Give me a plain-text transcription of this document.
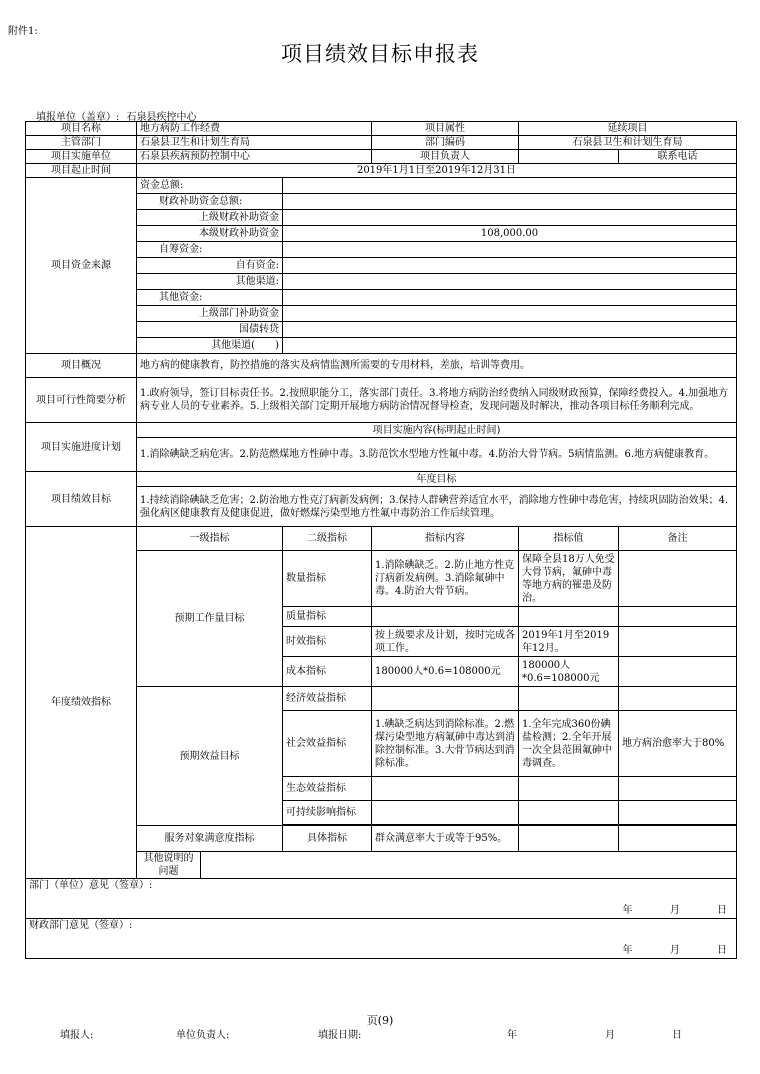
附件1:
项目绩效目标申报表
填报单位（盖章）: 石泉县疾控中心
项目名称	地方病防工作经费			项目属性	延续项目	
主管部门	石泉县卫生和计划生育局			部门编码	石泉县卫生和计划生育局	
项目实施单位	石泉县疾病预防控制中心			项目负责人		联系电话
项目起止时间	2019年1月1日至2019年12月31日					
项目资金来源	资金总额:					
	财政补助资金总额:					
	上级财政补助资金					
	本级财政补助资金		108,000.00			
	自筹资金:					
	自有资金:					
	其他渠道:					
	其他资金:					
	上级部门补助资金					
	国债转贷					
	其他渠道(　　)					
项目概况	地方病的健康教育，防控措施的落实及病情监测所需要的专用材料，差旅，培训等费用。					
项目可行性简要分析	1.政府领导，签订目标责任书。2.按照职能分工，落实部门责任。3.将地方病防治经费纳入同级财政预算，保障经费投入。4.加强地方病专业人员的专业素养。5.上级相关部门定期开展地方病防治情况督导检查，发现问题及时解决，推动各项目标任务顺利完成。					
项目实施进度计划	项目实施内容(标明起止时间)					
	1.消除碘缺乏病危害。2.防范燃煤地方性砷中毒。3.防范饮水型地方性氟中毒。4.防治大骨节病。5病情监测。6.地方病健康教育。					
项目绩效目标	年度目标					
	1.持续消除碘缺乏危害；2.防治地方性克汀病新发病例；3.保持人群碘营养适宜水平，消除地方性砷中毒危害，持续巩固防治效果；4.强化病区健康教育及健康促进，做好燃煤污染型地方性氟中毒防治工作后续管理。					
年度绩效指标	一级指标		二级指标	指标内容	指标值	备注
	预期工作量目标		数量指标	1.消除碘缺乏。2.防止地方性克汀病新发病例。3.消除氟砷中毒。4.防治大骨节病。	保障全县18万人免受大骨节病，氟砷中毒等地方病的罹患及防治。	
			质量指标			
			时效指标	按上级要求及计划，按时完成各项工作。	2019年1月至2019年12月。	
			成本指标	180000人*0.6=108000元	180000人*0.6=108000元	
	预期效益目标		经济效益指标			
			社会效益指标	1.碘缺乏病达到消除标准。2.燃煤污染型地方病氟砷中毒达到消除控制标准。3.大骨节病达到消除标准。	1.全年完成360份碘盐检测；2.全年开展一次全县范围氟砷中毒调查。	地方病治愈率大于80%
			生态效益指标			
			可持续影响指标			

	服务对象满意度指标		具体指标	群众满意率大于或等于95%。		
	其他说明的问题					

部门（单位）意见（签章）:
年 月 日						

财政部门意见（签章）:
年 月 日						
页(9)
填报人:	单位负责人:	填报日期:	年	月	日
